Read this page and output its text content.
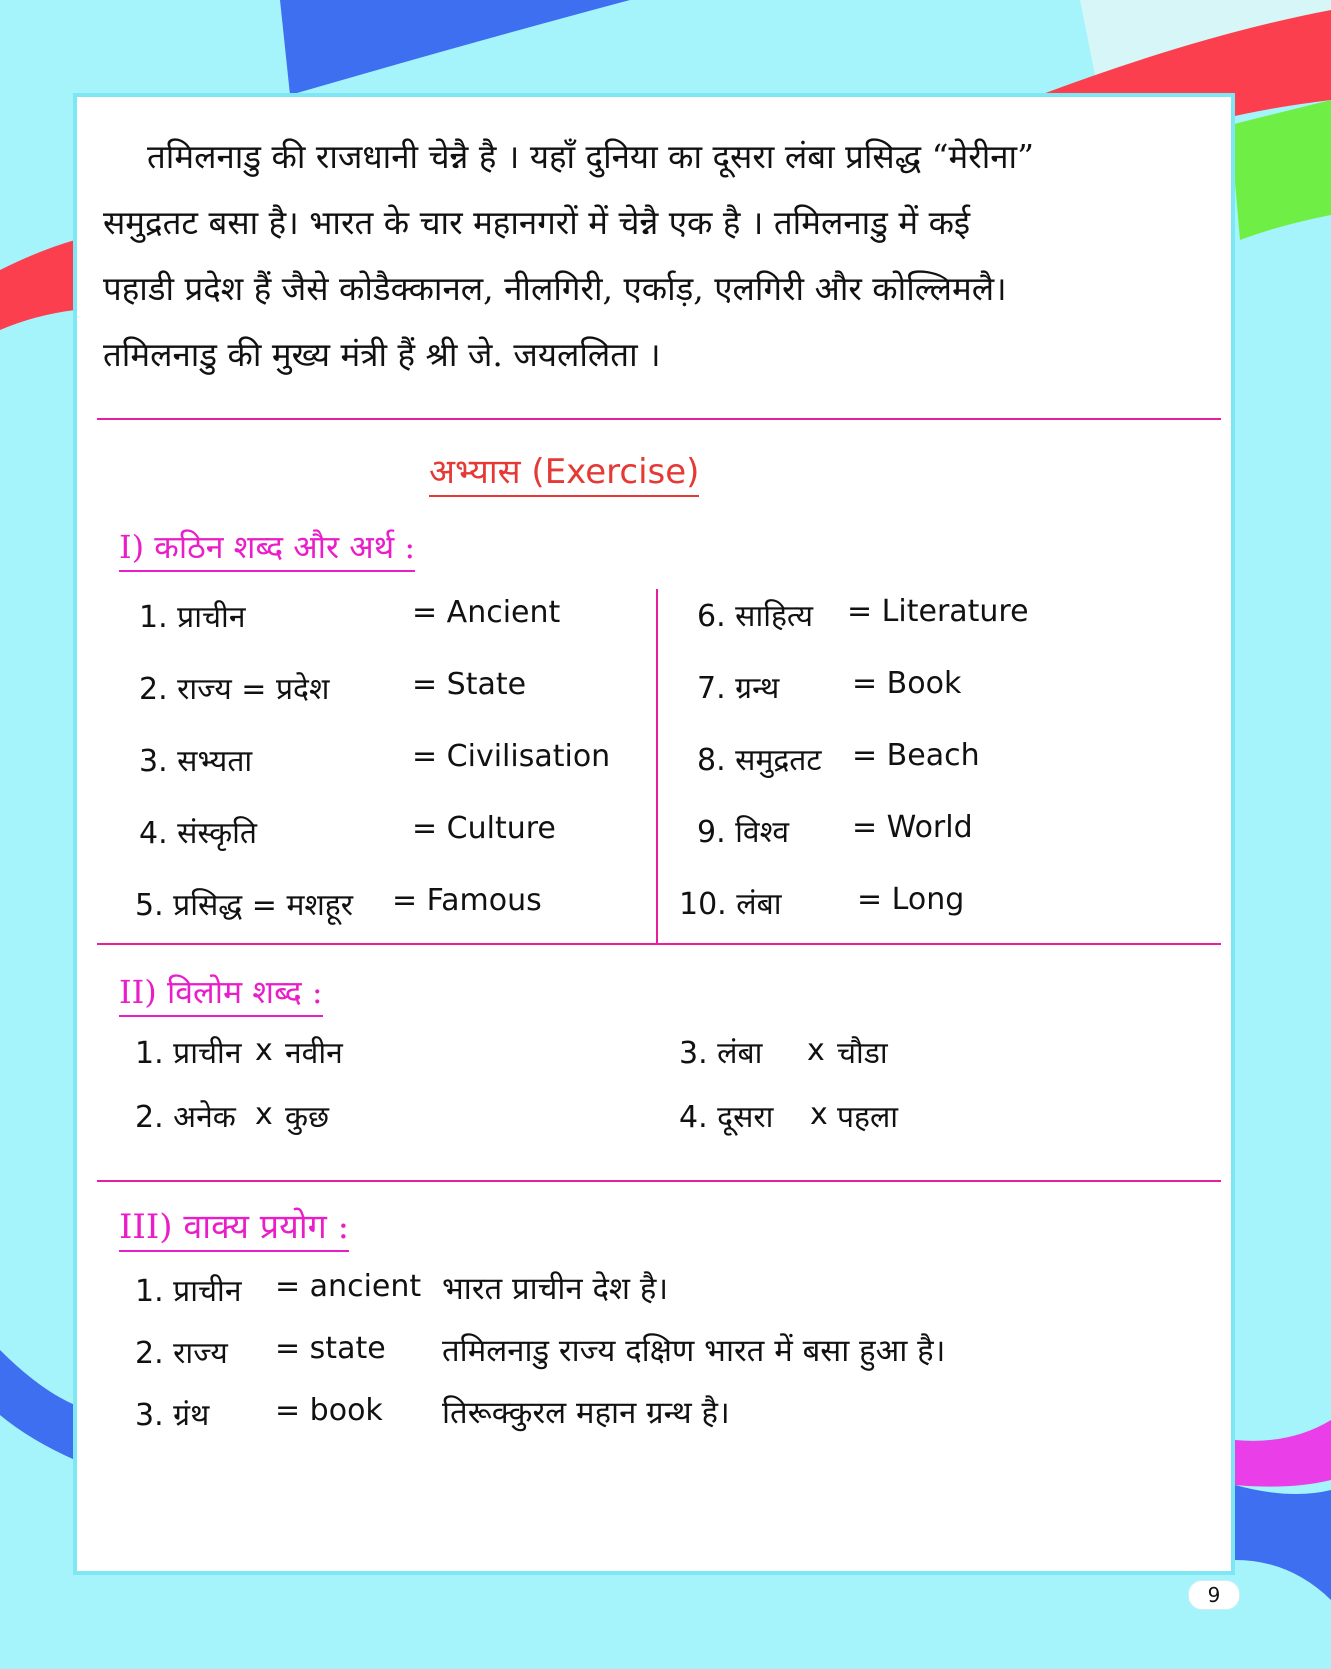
तमिलनाडु की राजधानी चेन्नै है । यहाँ दुनिया का दूसरा लंबा प्रसिद्ध “मेरीना”

समुद्रतट बसा है। भारत के चार महानगरों में चेन्नै एक है । तमिलनाडु में कई

पहाडी प्रदेश हैं जैसे कोडैक्कानल, नीलगिरी, एर्काड़, एलगिरी और कोल्लिमलै।

तमिलनाडु की मुख्य मंत्री हैं श्री जे. जयललिता ।

अभ्यास (Exercise)
I) कठिन शब्द और अर्थ :
1. प्राचीन	= Ancient
2. राज्य = प्रदेश	= State
3. सभ्यता	= Civilisation
4. संस्कृति	= Culture
5. प्रसिद्ध = मशहूर = Famous
6. साहित्य = Literature
7. ग्रन्थ = Book
8. समुद्रतट = Beach
9. विश्व = World
10. लंबा	= Long
II) विलोम शब्द :
1. प्राचीन x नवीन
2. अनेक x कुछ
3. लंबा x चौडा
4. दूसरा x पहला
III) वाक्य प्रयोग :
1. प्राचीन = ancient भारत प्राचीन देश है।
2. राज्य = state तमिलनाडु राज्य दक्षिण भारत में बसा हुआ है।
3. ग्रंथ = book तिरूक्कुरल महान ग्रन्थ है।
9
